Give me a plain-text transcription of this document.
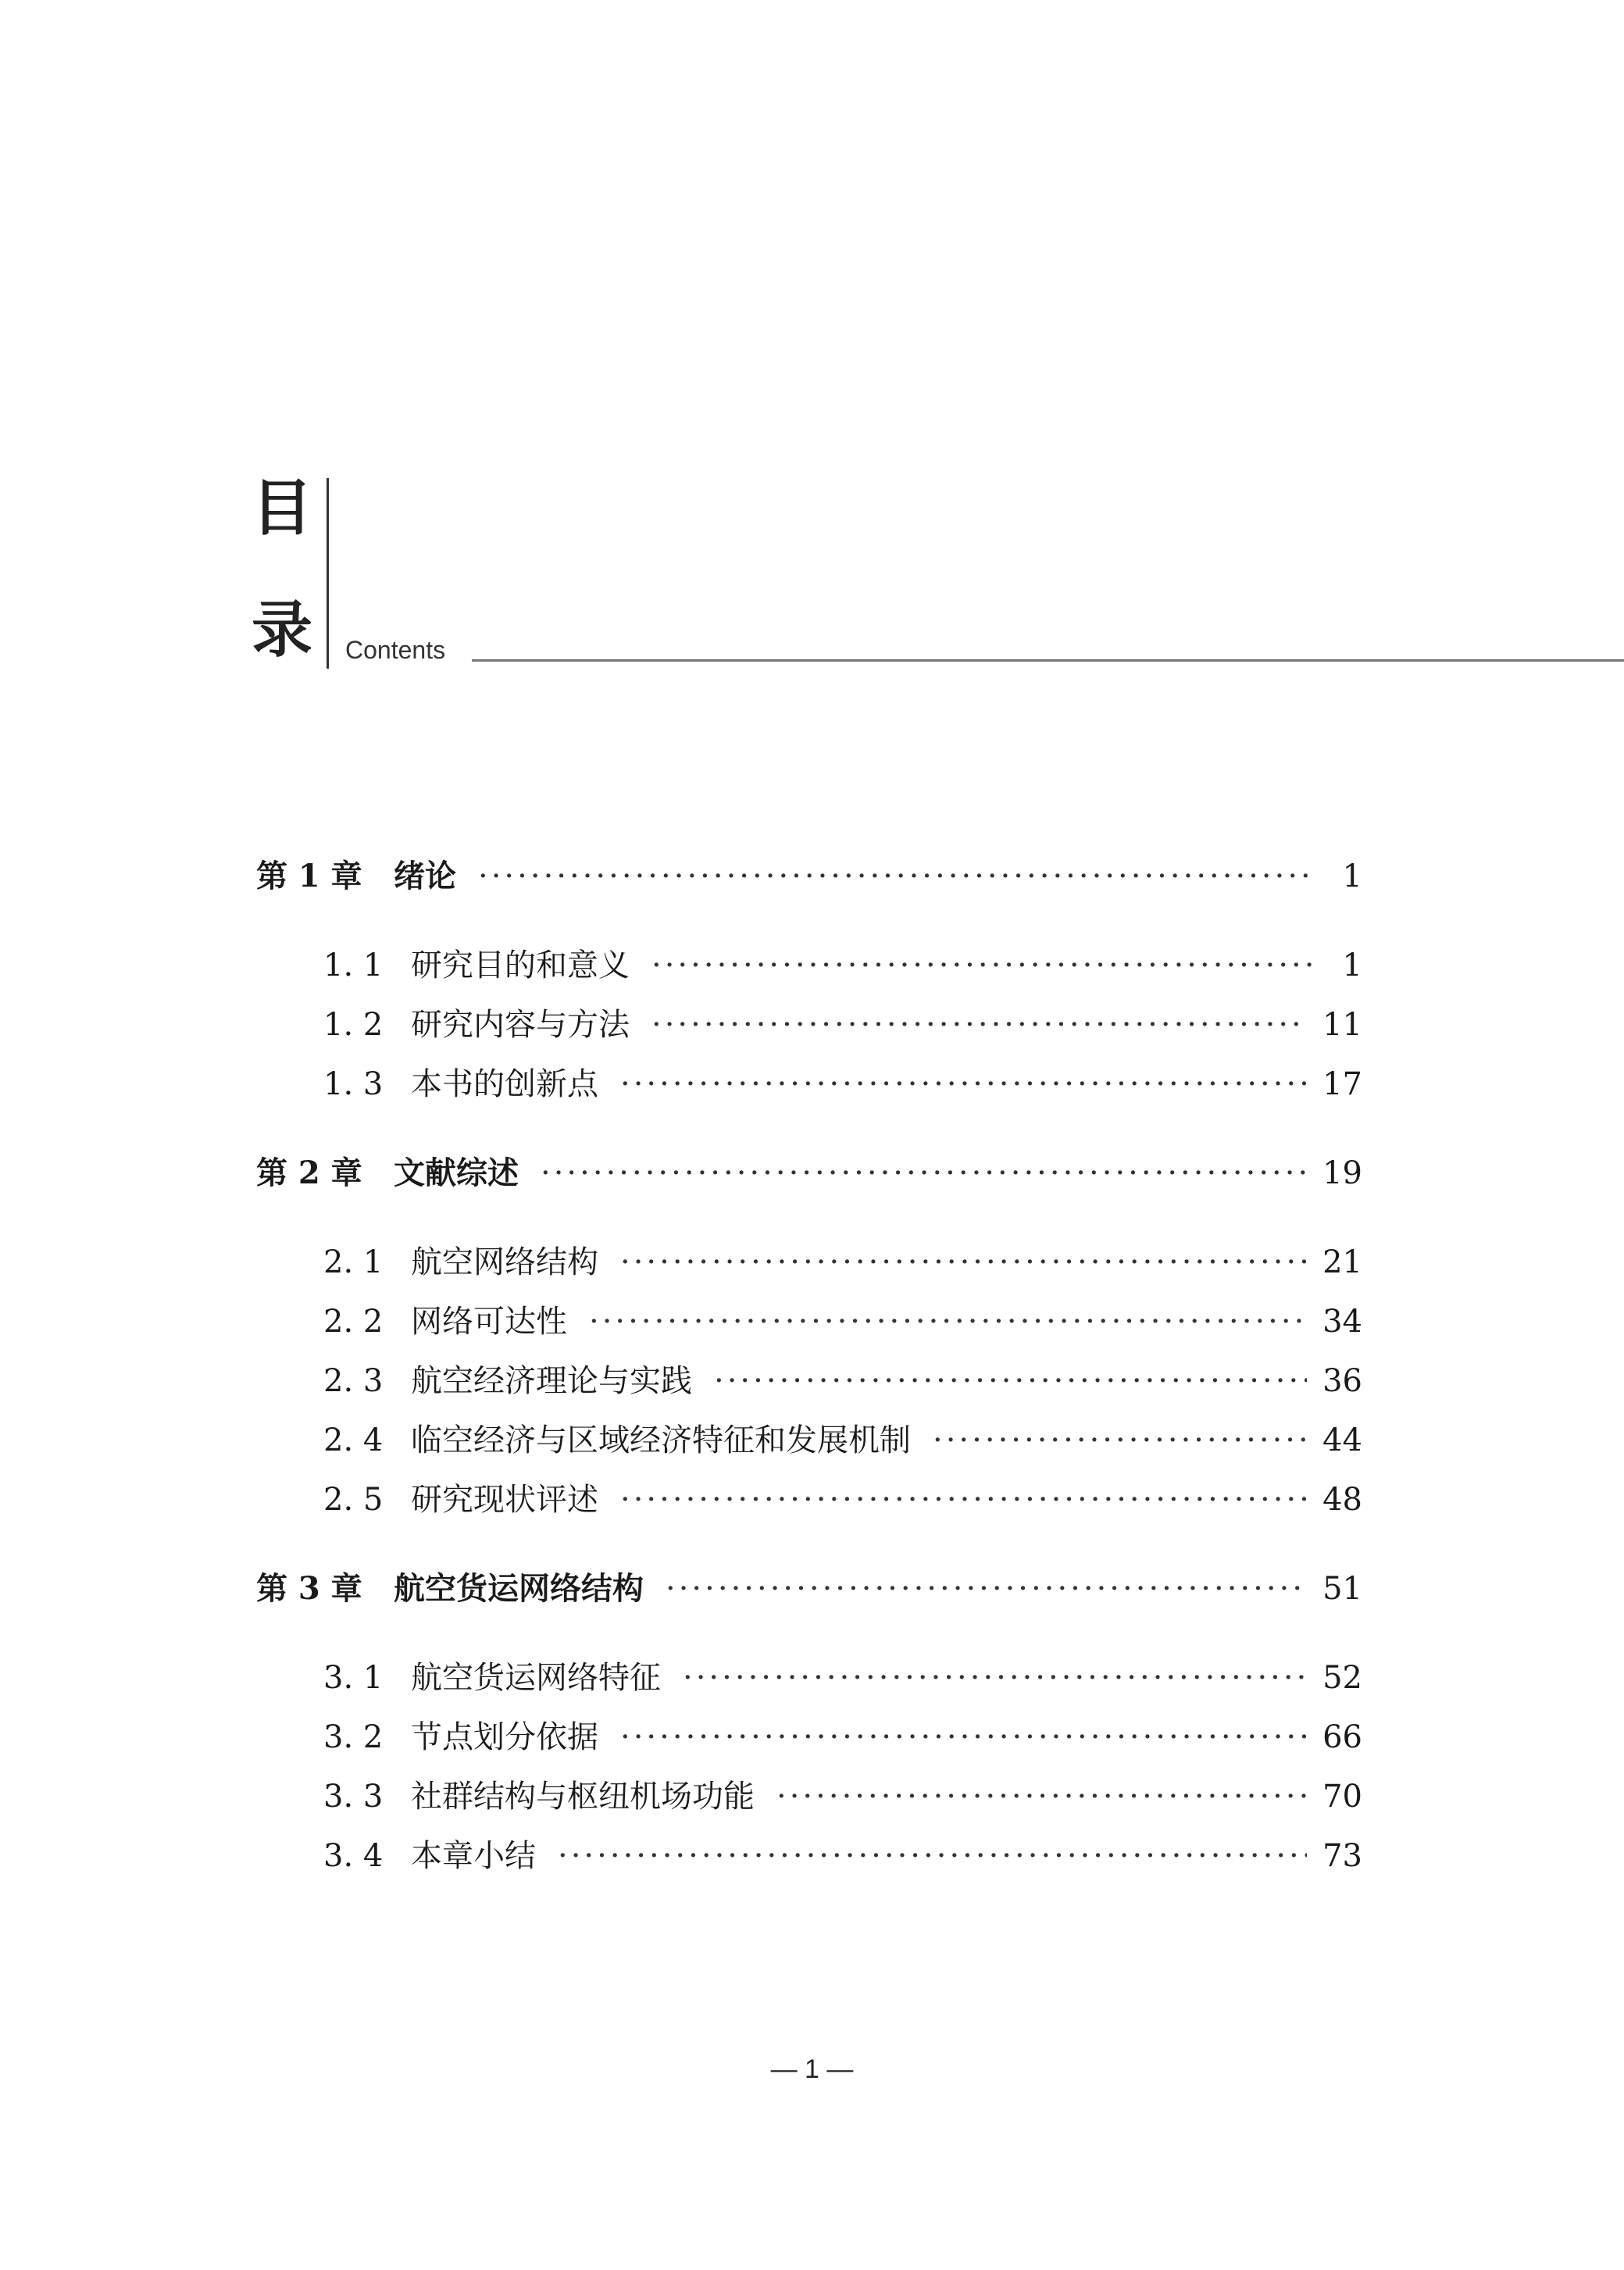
目
录 Contents
第 1 章	绪论 ·····	1
1. 1 研究目的和意义 ·····	1
1. 2 研究内容与方法 ·····	11
1. 3 本书的创新点 ·····	17
第 2 章	文献综述 ·····	19
2. 1 航空网络结构 ·····	21
2. 2 网络可达性 ·····	34
2. 3 航空经济理论与实践 ·····	36
2. 4 临空经济与区域经济特征和发展机制 ·····	44
2. 5 研究现状评述 ·····	48
第 3 章	航空货运网络结构 ·····	51
3. 1 航空货运网络特征 ·····	52
3. 2 节点划分依据 ·····	66
3. 3 社群结构与枢纽机场功能 ·····	70
3. 4 本章小结 ·····	73
— 1 —
